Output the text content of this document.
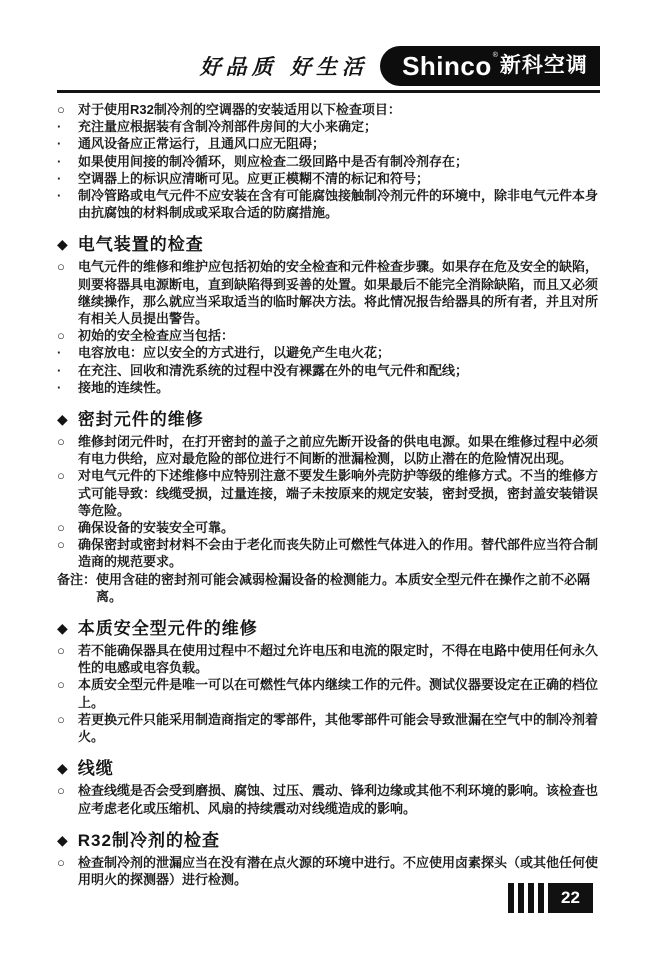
好品质 好生活 Shinco ® 新科空调
○	对于使用R32制冷剂的空调器的安装适用以下检查项目：
·	充注量应根据装有含制冷剂部件房间的大小来确定；
·	通风设备应正常运行，且通风口应无阻碍；
·	如果使用间接的制冷循环，则应检查二级回路中是否有制冷剂存在；
·	空调器上的标识应清晰可见。应更正模糊不清的标记和符号；
·	制冷管路或电气元件不应安装在含有可能腐蚀接触制冷剂元件的环境中，除非电气元件本身由抗腐蚀的材料制成或采取合适的防腐措施。
◆ 电气装置的检查
○	电气元件的维修和维护应包括初始的安全检查和元件检查步骤。如果存在危及安全的缺陷，则要将器具电源断电，直到缺陷得到妥善的处置。如果最后不能完全消除缺陷，而且又必须继续操作，那么就应当采取适当的临时解决方法。将此情况报告给器具的所有者，并且对所有相关人员提出警告。
○	初始的安全检查应当包括：
·	电容放电：应以安全的方式进行，以避免产生电火花；
·	在充注、回收和清洗系统的过程中没有裸露在外的电气元件和配线；
·	接地的连续性。
◆ 密封元件的维修
○	维修封闭元件时，在打开密封的盖子之前应先断开设备的供电电源。如果在维修过程中必须有电力供给，应对最危险的部位进行不间断的泄漏检测，以防止潜在的危险情况出现。
○	对电气元件的下述维修中应特别注意不要发生影响外壳防护等级的维修方式。不当的维修方式可能导致：线缆受损，过量连接，端子未按原来的规定安装，密封受损，密封盖安装错误等危险。
○	确保设备的安装安全可靠。
○	确保密封或密封材料不会由于老化而丧失防止可燃性气体进入的作用。替代部件应当符合制造商的规范要求。
备注： 使用含硅的密封剂可能会减弱检漏设备的检测能力。本质安全型元件在操作之前不必隔离。
◆ 本质安全型元件的维修
○	若不能确保器具在使用过程中不超过允许电压和电流的限定时，不得在电路中使用任何永久性的电感或电容负载。
○	本质安全型元件是唯一可以在可燃性气体内继续工作的元件。测试仪器要设定在正确的档位上。
○	若更换元件只能采用制造商指定的零部件，其他零部件可能会导致泄漏在空气中的制冷剂着火。
◆ 线缆
○	检查线缆是否会受到磨损、腐蚀、过压、震动、锋利边缘或其他不利环境的影响。该检查也应考虑老化或压缩机、风扇的持续震动对线缆造成的影响。
◆ R32制冷剂的检查
○	检查制冷剂的泄漏应当在没有潜在点火源的环境中进行。不应使用卤素探头（或其他任何使用明火的探测器）进行检测。
22
